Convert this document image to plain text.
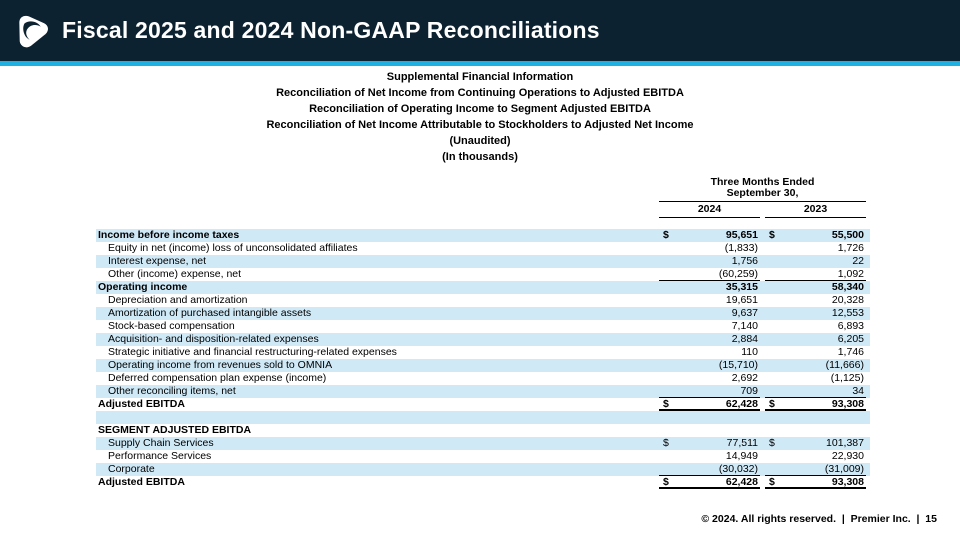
Fiscal 2025 and 2024 Non-GAAP Reconciliations
Supplemental Financial Information
Reconciliation of Net Income from Continuing Operations to Adjusted EBITDA
Reconciliation of Operating Income to Segment Adjusted EBITDA
Reconciliation of Net Income Attributable to Stockholders to Adjusted Net Income
(Unaudited)
(In thousands)
Three Months Ended
September 30,
2024	2023
Income before income taxes	$	95,651 $	55,500
Equity in net (income) loss of unconsolidated affiliates	(1,833)	1,726
Interest expense, net	1,756	22
Other (income) expense, net	(60,259)	1,092
Operating income	35,315	58,340
Depreciation and amortization	19,651	20,328
Amortization of purchased intangible assets	9,637	12,553
Stock-based compensation	7,140	6,893
Acquisition- and disposition-related expenses	2,884	6,205
Strategic initiative and financial restructuring-related expenses	110	1,746
Operating income from revenues sold to OMNIA	(15,710)	(11,666)
Deferred compensation plan expense (income)	2,692	(1,125)
Other reconciling items, net	709	34
Adjusted EBITDA	$	62,428 $	93,308
SEGMENT ADJUSTED EBITDA
Supply Chain Services	$	77,511 $	101,387
Performance Services	14,949	22,930
Corporate	(30,032)	(31,009)
Adjusted EBITDA	$	62,428 $	93,308
© 2024. All rights reserved.  |  Premier Inc.  |  15
